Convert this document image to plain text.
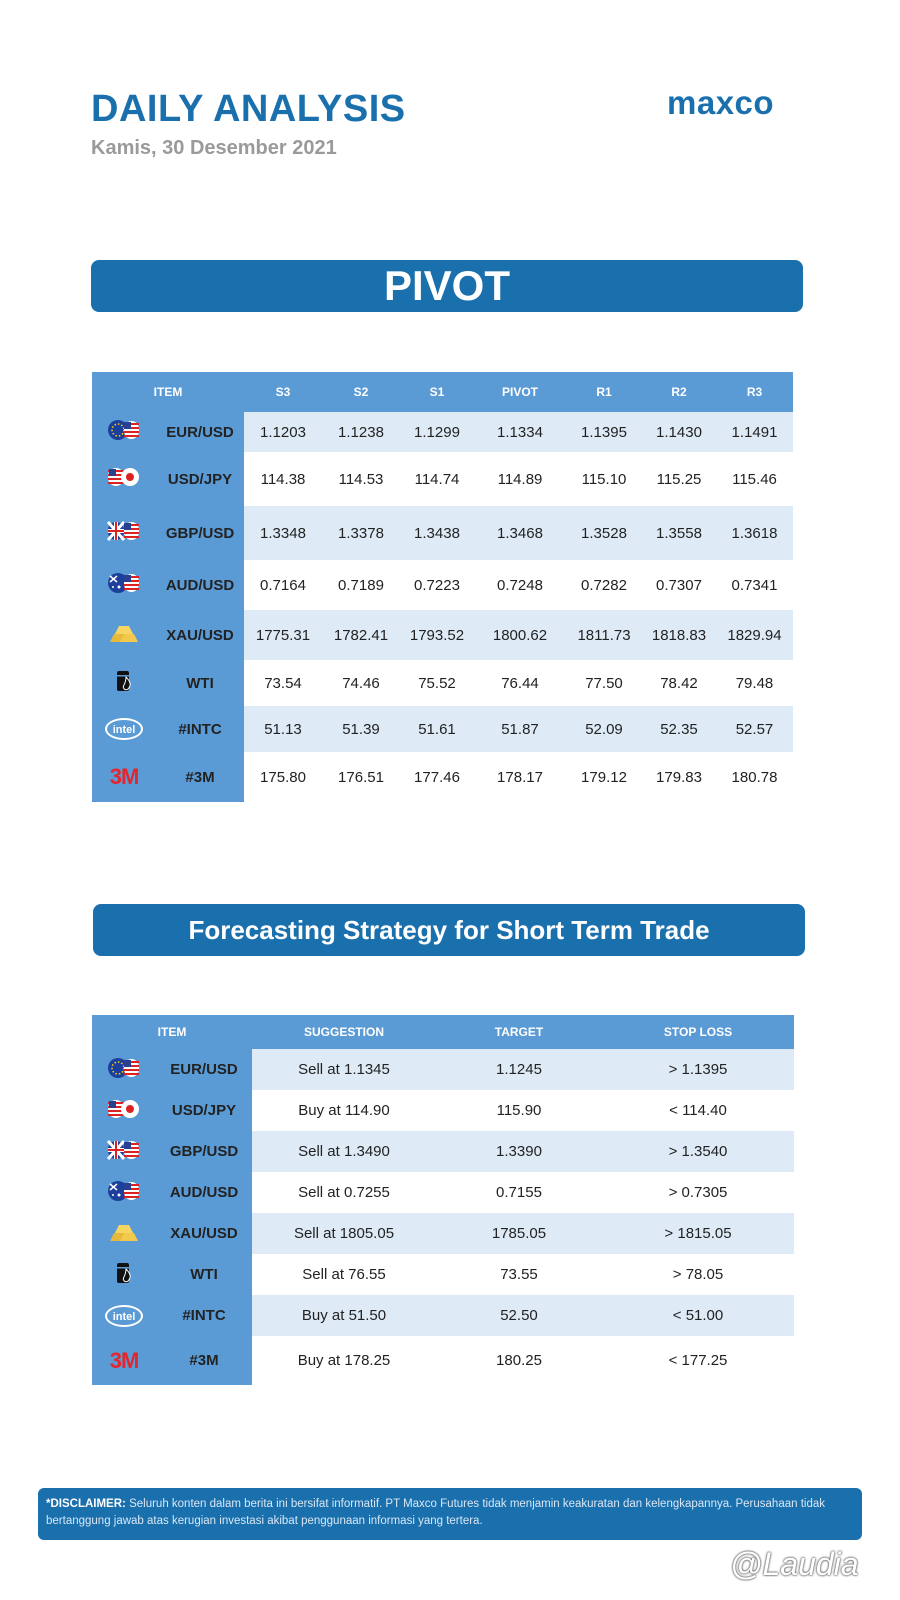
DAILY ANALYSIS
Kamis, 30 Desember 2021
maxco
PIVOT
ITEM	S3	S2	S1	PIVOT	R1	R2	R3

EUR/USD	1.1203	1.1238	1.1299	1.1334	1.1395	1.1430	1.1491

USD/JPY	114.38	114.53	114.74	114.89	115.10	115.25	115.46

GBP/USD	1.3348	1.3378	1.3438	1.3468	1.3528	1.3558	1.3618

AUD/USD	0.7164	0.7189	0.7223	0.7248	0.7282	0.7307	0.7341

XAU/USD	1775.31	1782.41	1793.52	1800.62	1811.73	1818.83	1829.94

WTI	73.54	74.46	75.52	76.44	77.50	78.42	79.48

intel #INTC	51.13	51.39	51.61	51.87	52.09	52.35	52.57

3M #3M	175.80	176.51	177.46	178.17	179.12	179.83	180.78
Forecasting Strategy for Short Term Trade
ITEM	SUGGESTION	TARGET	STOP LOSS

EUR/USD	Sell at 1.1345	1.1245	> 1.1395

USD/JPY	Buy at 114.90	115.90	< 114.40

GBP/USD	Sell at 1.3490	1.3390	> 1.3540

AUD/USD	Sell at 0.7255	0.7155	> 0.7305

XAU/USD	Sell at 1805.05	1785.05	> 1815.05

WTI	Sell at 76.55	73.55	> 78.05

intel #INTC	Buy at 51.50	52.50	< 51.00

3M #3M	Buy at 178.25	180.25	< 177.25
*DISCLAIMER: Seluruh konten dalam berita ini bersifat informatif. PT Maxco Futures tidak menjamin keakuratan dan kelengkapannya. Perusahaan tidak bertanggung jawab atas kerugian investasi akibat penggunaan informasi yang tertera.
@Laudia
